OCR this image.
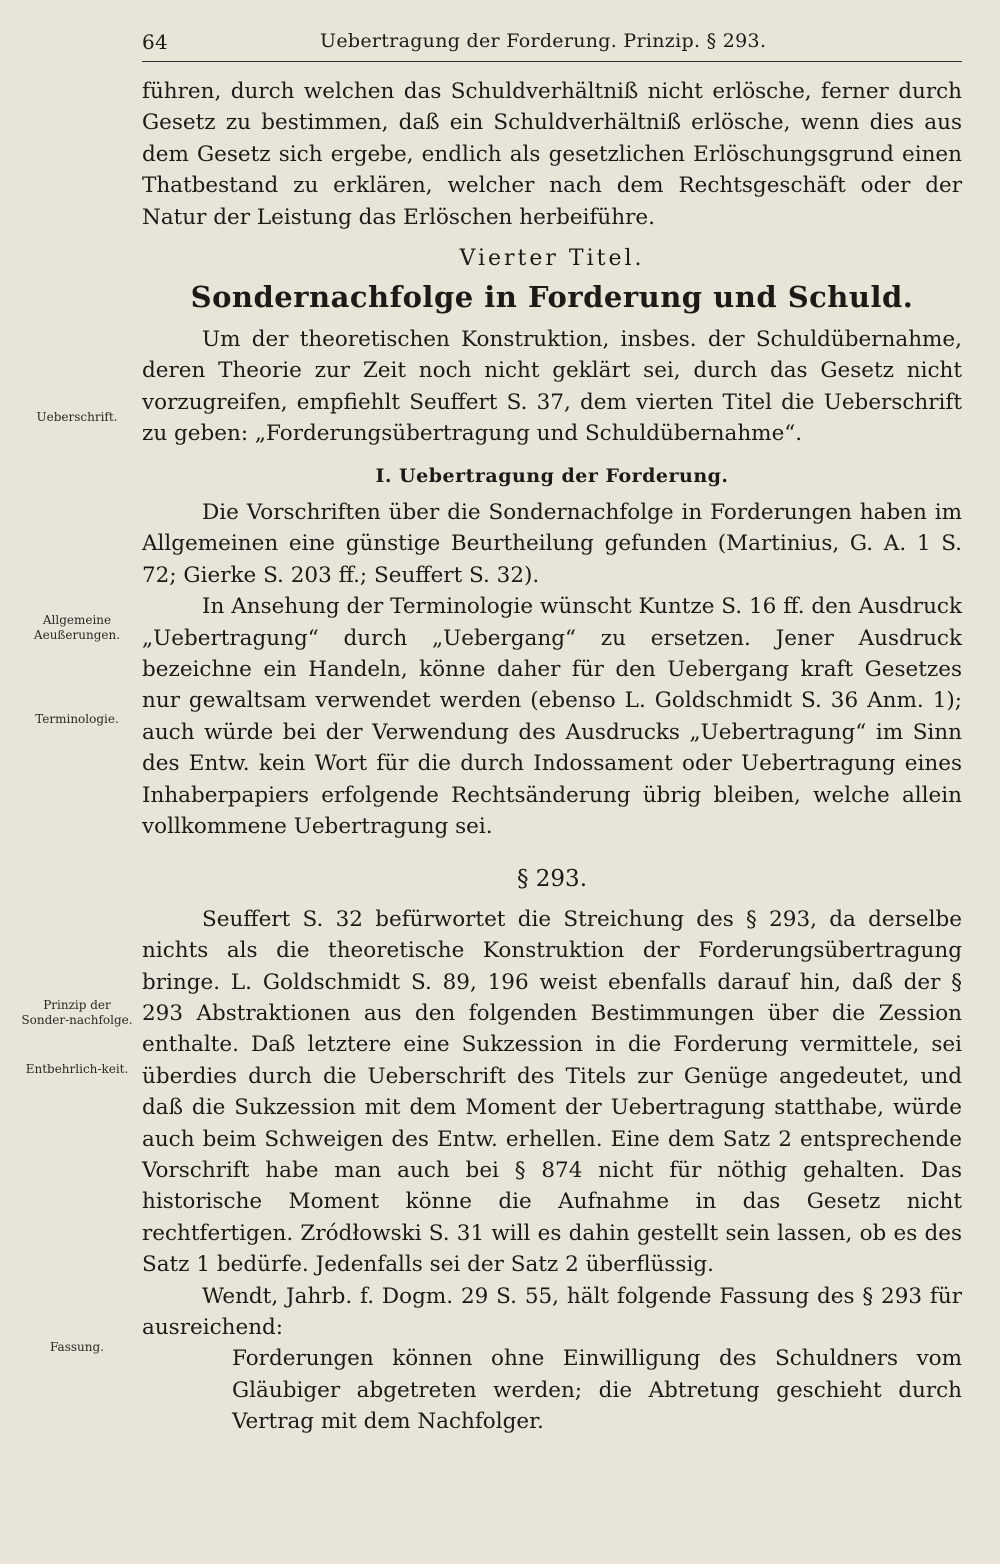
64	Uebertragung der Forderung. Prinzip. § 293.
Ueberschrift.
Allgemeine Aeußerungen.
Terminologie.
Prinzip der Sonder-nachfolge.
Entbehrlich-keit.
Fassung.

führen, durch welchen das Schuldverhältniß nicht erlösche, ferner durch Gesetz zu bestimmen, daß ein Schuldverhältniß erlösche, wenn dies aus dem Gesetz sich ergebe, endlich als gesetzlichen Erlöschungsgrund einen Thatbestand zu erklären, welcher nach dem Rechtsgeschäft oder der Natur der Leistung das Erlöschen herbeiführe.

Vierter Titel.
Sondernachfolge in Forderung und Schuld.

Um der theoretischen Konstruktion, insbes. der Schuldübernahme, deren Theorie zur Zeit noch nicht geklärt sei, durch das Gesetz nicht vorzugreifen, empfiehlt Seuffert S. 37, dem vierten Titel die Ueberschrift zu geben: „Forderungsübertragung und Schuldübernahme“.

I. Uebertragung der Forderung.

Die Vorschriften über die Sondernachfolge in Forderungen haben im Allgemeinen eine günstige Beurtheilung gefunden (Martinius, G. A. 1 S. 72; Gierke S. 203 ff.; Seuffert S. 32).

In Ansehung der Terminologie wünscht Kuntze S. 16 ff. den Ausdruck „Uebertragung“ durch „Uebergang“ zu ersetzen. Jener Ausdruck bezeichne ein Handeln, könne daher für den Uebergang kraft Gesetzes nur gewaltsam verwendet werden (ebenso L. Goldschmidt S. 36 Anm. 1); auch würde bei der Verwendung des Ausdrucks „Uebertragung“ im Sinn des Entw. kein Wort für die durch Indossament oder Uebertragung eines Inhaberpapiers erfolgende Rechtsänderung übrig bleiben, welche allein vollkommene Uebertragung sei.

§ 293.

Seuffert S. 32 befürwortet die Streichung des § 293, da derselbe nichts als die theoretische Konstruktion der Forderungsübertragung bringe. L. Goldschmidt S. 89, 196 weist ebenfalls darauf hin, daß der § 293 Abstraktionen aus den folgenden Bestimmungen über die Zession enthalte. Daß letztere eine Sukzession in die Forderung vermittele, sei überdies durch die Ueberschrift des Titels zur Genüge angedeutet, und daß die Sukzession mit dem Moment der Uebertragung statthabe, würde auch beim Schweigen des Entw. erhellen. Eine dem Satz 2 entsprechende Vorschrift habe man auch bei § 874 nicht für nöthig gehalten. Das historische Moment könne die Aufnahme in das Gesetz nicht rechtfertigen. Zródłowski S. 31 will es dahin gestellt sein lassen, ob es des Satz 1 bedürfe. Jedenfalls sei der Satz 2 überflüssig.

Wendt, Jahrb. f. Dogm. 29 S. 55, hält folgende Fassung des § 293 für ausreichend:

Forderungen können ohne Einwilligung des Schuldners vom Gläubiger abgetreten werden; die Abtretung geschieht durch Vertrag mit dem Nachfolger.
